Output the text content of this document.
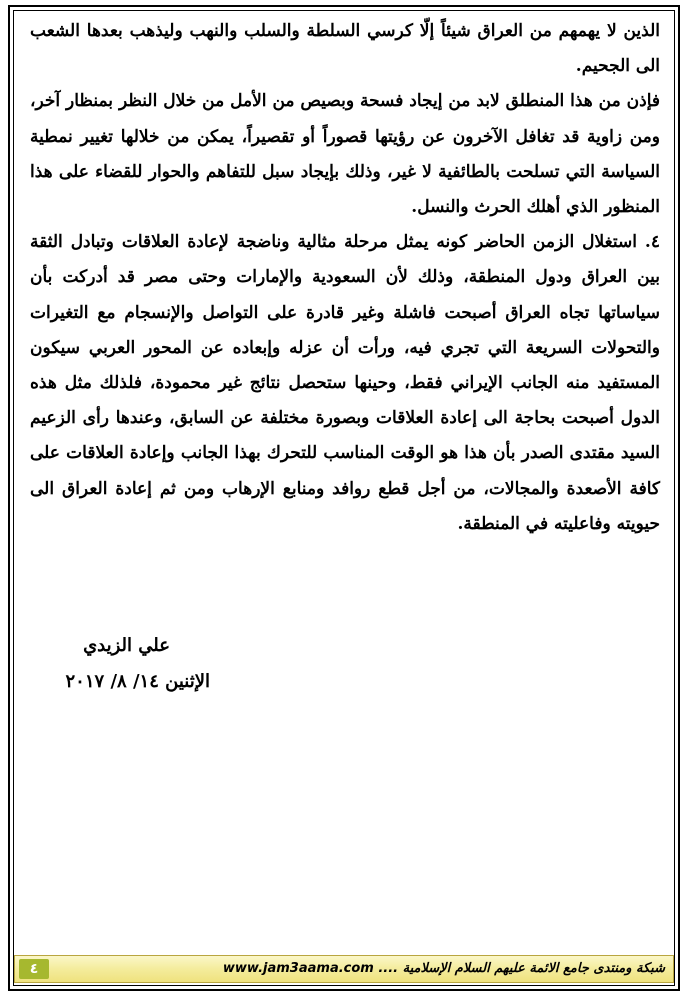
الذين لا يهمهم من العراق شيئاً إلّا كرسي السلطة والسلب والنهب وليذهب بعدها الشعب الى الجحيم.

فإذن من هذا المنطلق لابد من إيجاد فسحة وبصيص من الأمل من خلال النظر بمنظار آخر، ومن زاوية قد تغافل الآخرون عن رؤيتها قصوراً أو تقصيراً، يمكن من خلالها تغيير نمطية السياسة التي تسلحت بالطائفية لا غير، وذلك بإيجاد سبل للتفاهم والحوار للقضاء على هذا المنظور الذي أهلك الحرث والنسل.

٤. استغلال الزمن الحاضر كونه يمثل مرحلة مثالية وناضجة لإعادة العلاقات وتبادل الثقة بين العراق ودول المنطقة، وذلك لأن السعودية والإمارات وحتى مصر قد أدركت بأن سياساتها تجاه العراق أصبحت فاشلة وغير قادرة على التواصل والإنسجام مع التغيرات والتحولات السريعة التي تجري فيه، ورأت أن عزله وإبعاده عن المحور العربي سيكون المستفيد منه الجانب الإيراني فقط، وحينها ستحصل نتائج غير محمودة، فلذلك مثل هذه الدول أصبحت بحاجة الى إعادة العلاقات وبصورة مختلفة عن السابق، وعندها رأى الزعيم السيد مقتدى الصدر بأن هذا هو الوقت المناسب للتحرك بهذا الجانب وإعادة العلاقات على كافة الأصعدة والمجالات، من أجل قطع روافد ومنابع الإرهاب ومن ثم إعادة العراق الى حيويته وفاعليته في المنطقة.

علي الزيدي
الإثنين ١٤/ ٨/ ٢٠١٧
٤	شبكة ومنتدى جامع الائمة عليهم السلام الإسلامية .... www.jam3aama.com
